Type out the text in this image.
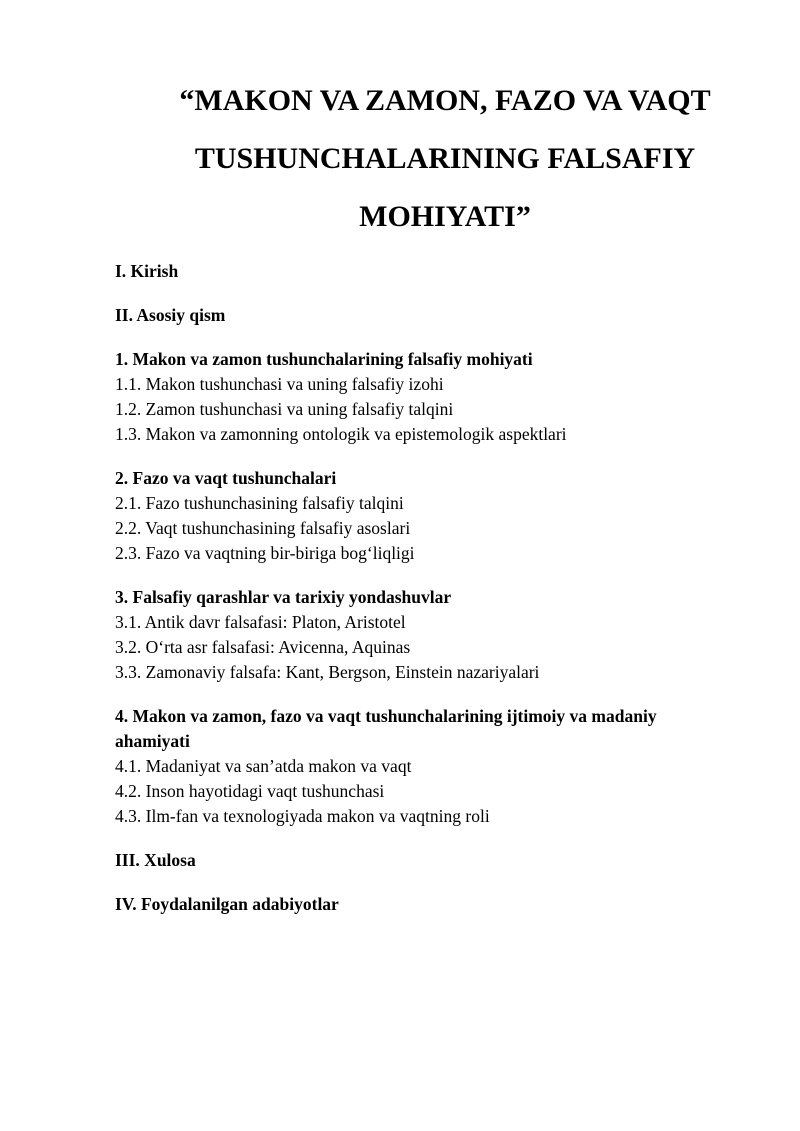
“MAKON VA ZAMON, FAZO VA VAQT
TUSHUNCHALARINING FALSAFIY
MOHIYATI”

I. Kirish

II. Asosiy qism

1. Makon va zamon tushunchalarining falsafiy mohiyati

1.1. Makon tushunchasi va uning falsafiy izohi

1.2. Zamon tushunchasi va uning falsafiy talqini

1.3. Makon va zamonning ontologik va epistemologik aspektlari

2. Fazo va vaqt tushunchalari

2.1. Fazo tushunchasining falsafiy talqini

2.2. Vaqt tushunchasining falsafiy asoslari

2.3. Fazo va vaqtning bir-biriga bog‘liqligi

3. Falsafiy qarashlar va tarixiy yondashuvlar

3.1. Antik davr falsafasi: Platon, Aristotel

3.2. O‘rta asr falsafasi: Avicenna, Aquinas

3.3. Zamonaviy falsafa: Kant, Bergson, Einstein nazariyalari

4. Makon va zamon, fazo va vaqt tushunchalarining ijtimoiy va madaniy

ahamiyati

4.1. Madaniyat va san’atda makon va vaqt

4.2. Inson hayotidagi vaqt tushunchasi

4.3. Ilm-fan va texnologiyada makon va vaqtning roli

III. Xulosa

IV. Foydalanilgan adabiyotlar
